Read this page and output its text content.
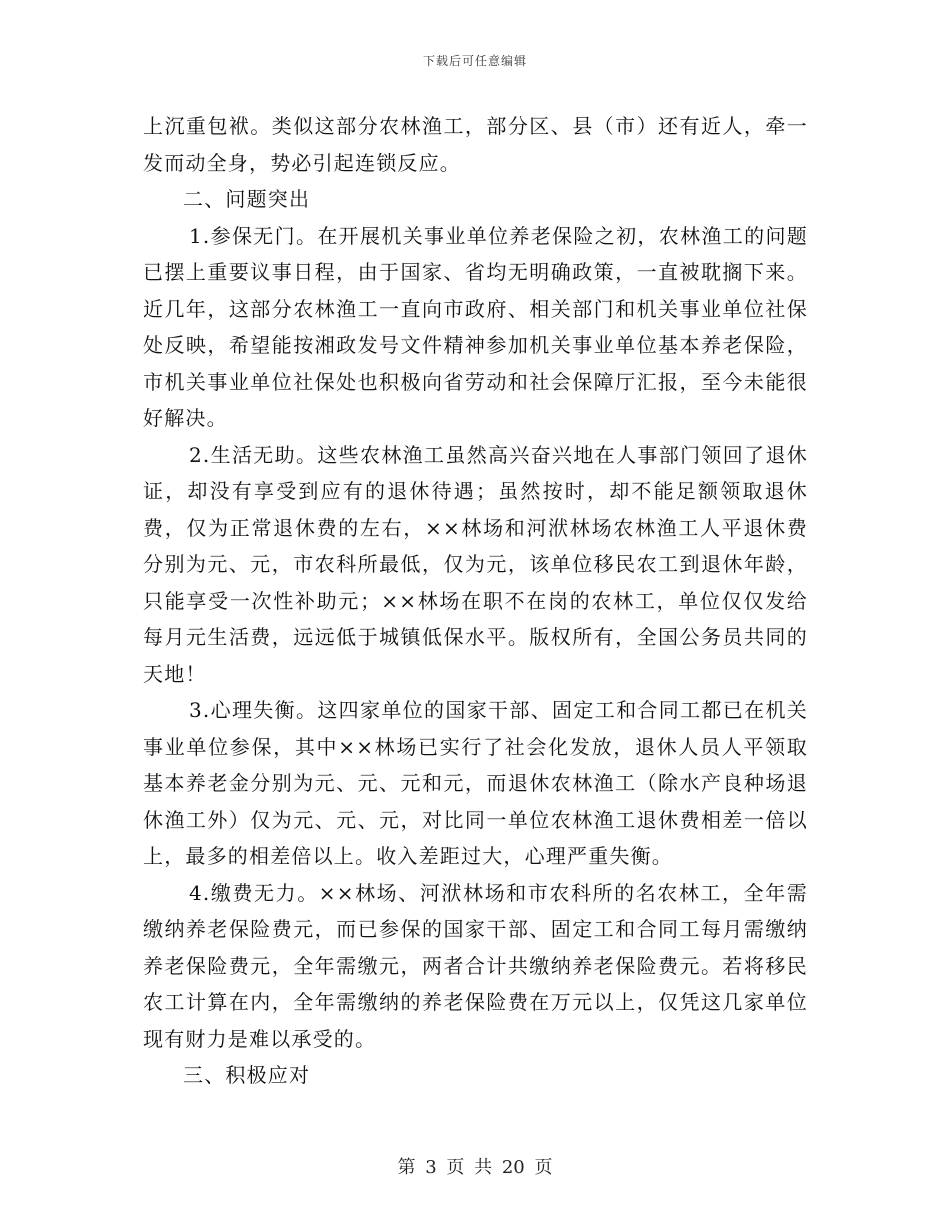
下载后可任意编辑

上沉重包袱。类似这部分农林渔工，部分区、县（市）还有近人，牵一发而动全身，势必引起连锁反应。

二、问题突出

1.参保无门。在开展机关事业单位养老保险之初，农林渔工的问题已摆上重要议事日程，由于国家、省均无明确政策，一直被耽搁下来。近几年，这部分农林渔工一直向市政府、相关部门和机关事业单位社保处反映，希望能按湘政发号文件精神参加机关事业单位基本养老保险，市机关事业单位社保处也积极向省劳动和社会保障厅汇报，至今未能很好解决。

2.生活无助。这些农林渔工虽然高兴奋兴地在人事部门领回了退休证，却没有享受到应有的退休待遇；虽然按时，却不能足额领取退休费，仅为正常退休费的左右，××林场和河洑林场农林渔工人平退休费分别为元、元，市农科所最低，仅为元，该单位移民农工到退休年龄，只能享受一次性补助元；××林场在职不在岗的农林工，单位仅仅发给每月元生活费，远远低于城镇低保水平。版权所有，全国公务员共同的天地！

3.心理失衡。这四家单位的国家干部、固定工和合同工都已在机关事业单位参保，其中××林场已实行了社会化发放，退休人员人平领取基本养老金分别为元、元、元和元，而退休农林渔工（除水产良种场退休渔工外）仅为元、元、元，对比同一单位农林渔工退休费相差一倍以上，最多的相差倍以上。收入差距过大，心理严重失衡。

4.缴费无力。××林场、河洑林场和市农科所的名农林工，全年需缴纳养老保险费元，而已参保的国家干部、固定工和合同工每月需缴纳养老保险费元，全年需缴元，两者合计共缴纳养老保险费元。若将移民农工计算在内，全年需缴纳的养老保险费在万元以上，仅凭这几家单位现有财力是难以承受的。

三、积极应对

第 3 页 共 20 页
